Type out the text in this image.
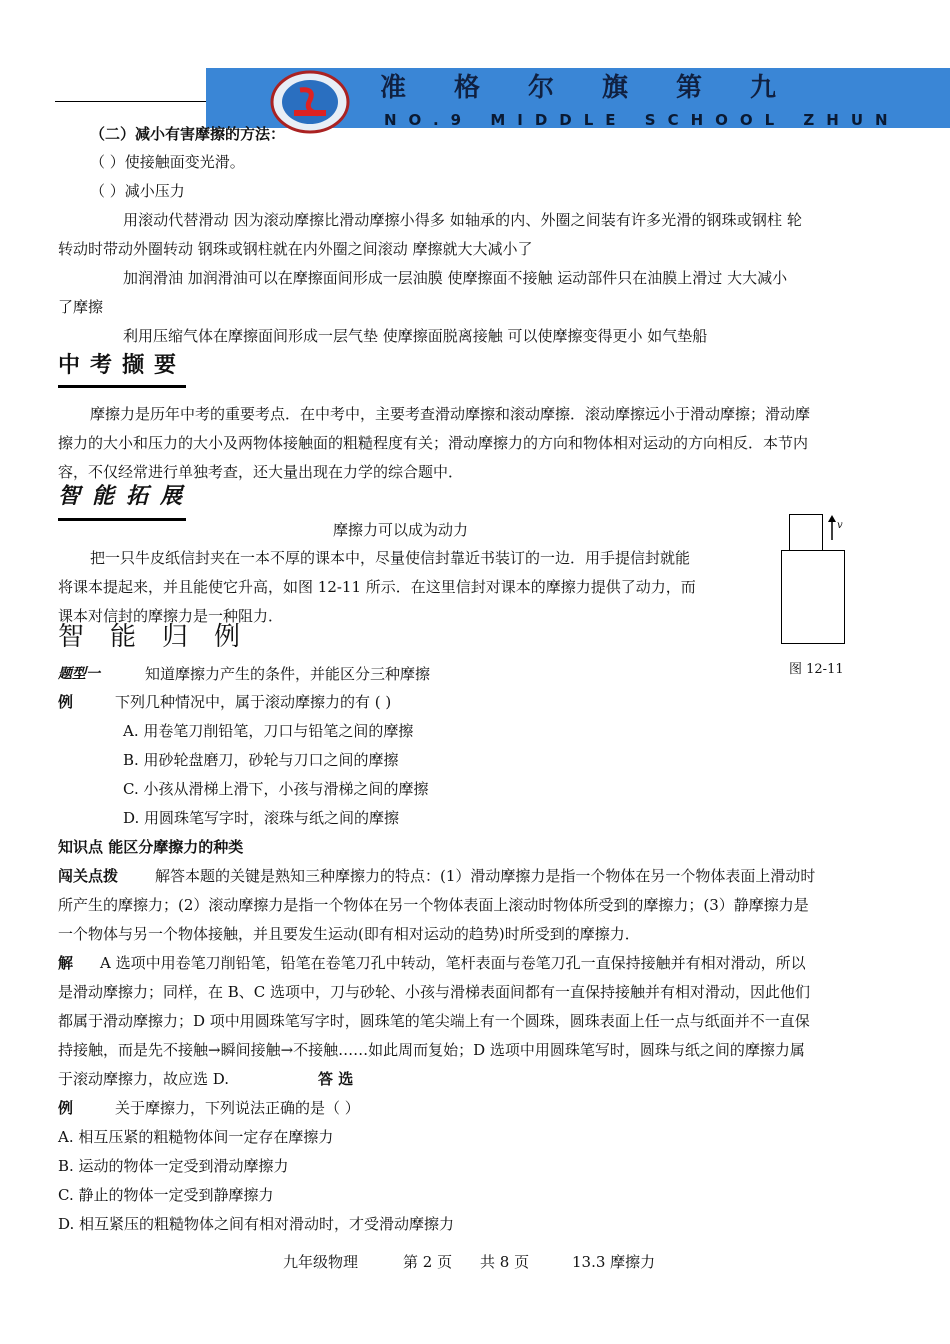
准格尔旗第九
NO.9 MIDDLE SCHOOL ZHUN
（二）减小有害摩擦的方法：
（ ）使接触面变光滑。
（ ）减小压力
用滚动代替滑动 因为滚动摩擦比滑动摩擦小得多 如轴承的内、外圈之间装有许多光滑的钢珠或钢柱 轮
转动时带动外圈转动 钢珠或钢柱就在内外圈之间滚动 摩擦就大大减小了
加润滑油 加润滑油可以在摩擦面间形成一层油膜 使摩擦面不接触 运动部件只在油膜上滑过 大大减小
了摩擦
利用压缩气体在摩擦面间形成一层气垫 使摩擦面脱离接触 可以使摩擦变得更小 如气垫船
中考撷要
摩擦力是历年中考的重要考点．在中考中，主要考查滑动摩擦和滚动摩擦．滚动摩擦远小于滑动摩擦；滑动摩
擦力的大小和压力的大小及两物体接触面的粗糙程度有关；滑动摩擦力的方向和物体相对运动的方向相反．本节内
容，不仅经常进行单独考查，还大量出现在力学的综合题中．
智能拓展
摩擦力可以成为动力
把一只牛皮纸信封夹在一本不厚的课本中，尽量使信封靠近书装订的一边．用手提信封就能
将课本提起来，并且能使它升高，如图 12-11 所示．在这里信封对课本的摩擦力提供了动力，而
课本对信封的摩擦力是一种阻力．
v
图 12-11
智能归例
题型一	知道摩擦力产生的条件，并能区分三种摩擦
例	下列几种情况中，属于滚动摩擦力的有 ( )
A. 用卷笔刀削铅笔，刀口与铅笔之间的摩擦
B. 用砂轮盘磨刀，砂轮与刀口之间的摩擦
C. 小孩从滑梯上滑下，小孩与滑梯之间的摩擦
D. 用圆珠笔写字时，滚珠与纸之间的摩擦
知识点 能区分摩擦力的种类
闯关点拨 解答本题的关键是熟知三种摩擦力的特点：(1）滑动摩擦力是指一个物体在另一个物体表面上滑动时
所产生的摩擦力；(2）滚动摩擦力是指一个物体在另一个物体表面上滚动时物体所受到的摩擦力；(3）静摩擦力是
一个物体与另一个物体接触，并且要发生运动(即有相对运动的趋势)时所受到的摩擦力．
解 A 选项中用卷笔刀削铅笔，铅笔在卷笔刀孔中转动，笔杆表面与卷笔刀孔一直保持接触并有相对滑动，所以
是滑动摩擦力；同样，在 B、C 选项中，刀与砂轮、小孩与滑梯表面间都有一直保持接触并有相对滑动，因此他们
都属于滑动摩擦力；D 项中用圆珠笔写字时，圆珠笔的笔尖端上有一个圆珠，圆珠表面上任一点与纸面并不一直保
持接触，而是先不接触→瞬间接触→不接触……如此周而复始；D 选项中用圆珠笔写时，圆珠与纸之间的摩擦力属
于滚动摩擦力，故应选 D.	答 选
例	关于摩擦力，下列说法正确的是（ ）
A. 相互压紧的粗糙物体间一定存在摩擦力
B. 运动的物体一定受到滑动摩擦力
C. 静止的物体一定受到静摩擦力
D. 相互紧压的粗糙物体之间有相对滑动时，才受滑动摩擦力
九年级物理	第 2 页 共 8 页	13.3 摩擦力
